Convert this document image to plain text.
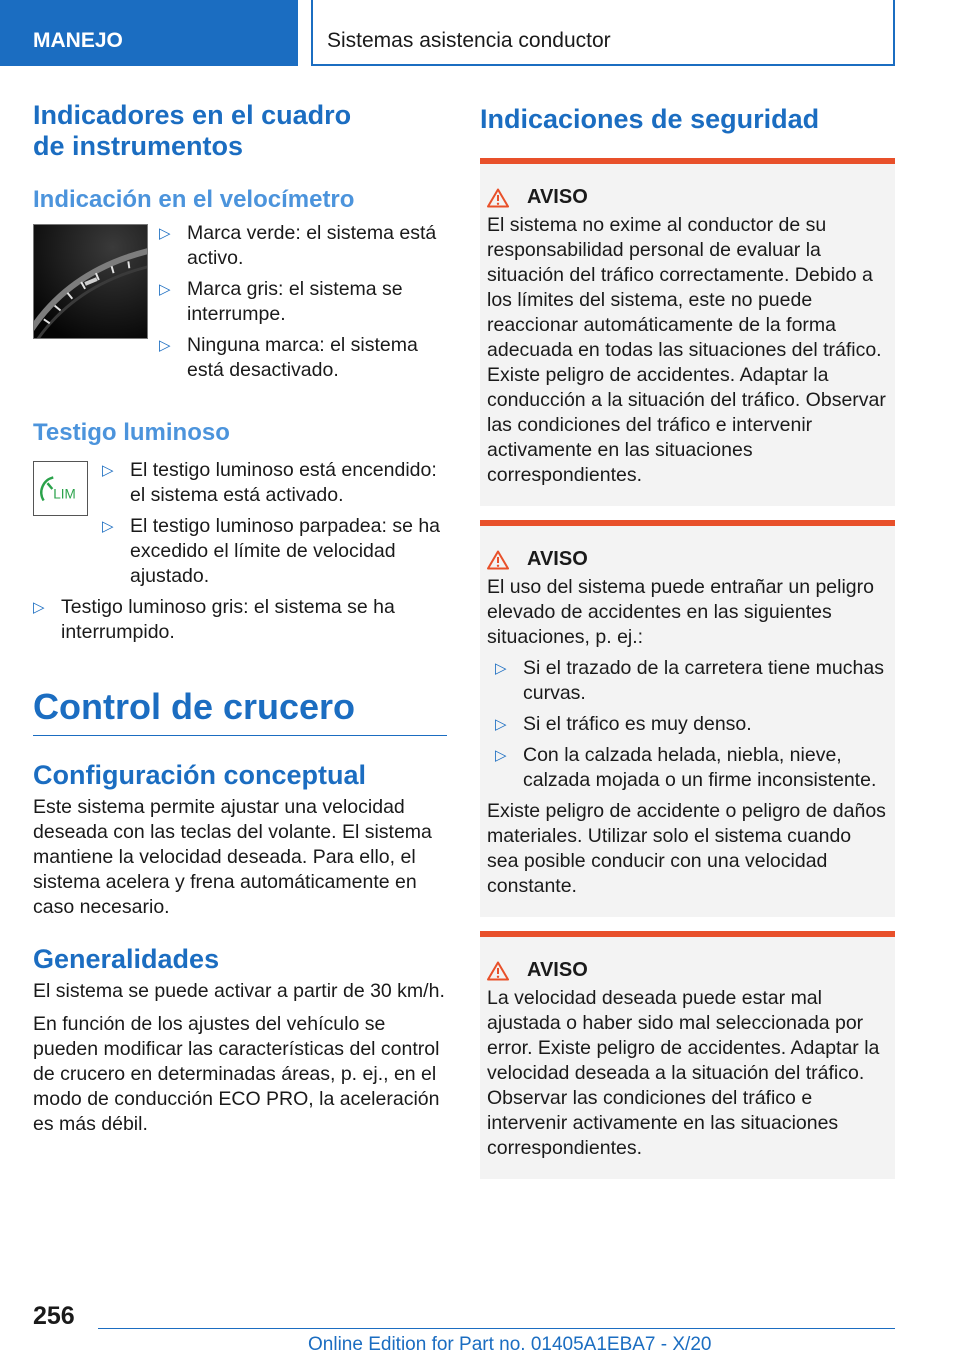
MANEJO	Sistemas asistencia conductor
Indicadores en el cuadro
de instrumentos
Indicación en el velocímetro
▷ Marca verde: el sistema está activo.
▷ Marca gris: el sistema se interrumpe.
▷ Ninguna marca: el sistema está desactivado.
Testigo luminoso
LIM
▷ El testigo luminoso está encendido: el sistema está activado.
▷ El testigo luminoso parpadea: se ha excedido el límite de velocidad ajustado.
▷ Testigo luminoso gris: el sistema se ha interrumpido.
Control de crucero
Configuración conceptual

Este sistema permite ajustar una velocidad deseada con las teclas del volante. El sistema mantiene la velocidad deseada. Para ello, el sistema acelera y frena automáticamente en caso necesario.

Generalidades

El sistema se puede activar a partir de 30 km/h.

En función de los ajustes del vehículo se pueden modificar las características del control de crucero en determinadas áreas, p. ej., en el modo de conducción ECO PRO, la aceleración es más débil.

Indicaciones de seguridad
AVISO

El sistema no exime al conductor de su responsabilidad personal de evaluar la situación del tráfico correctamente. Debido a los límites del sistema, este no puede reaccionar automáticamente de la forma adecuada en todas las situaciones del tráfico. Existe peligro de accidentes. Adaptar la conducción a la situación del tráfico. Observar las condiciones del tráfico e intervenir activamente en las situaciones correspondientes.

AVISO

El uso del sistema puede entrañar un peligro elevado de accidentes en las siguientes situaciones, p. ej.:

▷ Si el trazado de la carretera tiene muchas curvas.
▷ Si el tráfico es muy denso.
▷ Con la calzada helada, niebla, nieve, calzada mojada o un firme inconsistente.

Existe peligro de accidente o peligro de daños materiales. Utilizar solo el sistema cuando sea posible conducir con una velocidad constante.

AVISO

La velocidad deseada puede estar mal ajustada o haber sido mal seleccionada por error. Existe peligro de accidentes. Adaptar la velocidad deseada a la situación del tráfico. Observar las condiciones del tráfico e intervenir activamente en las situaciones correspondientes.

256
Online Edition for Part no. 01405A1EBA7 - X/20
